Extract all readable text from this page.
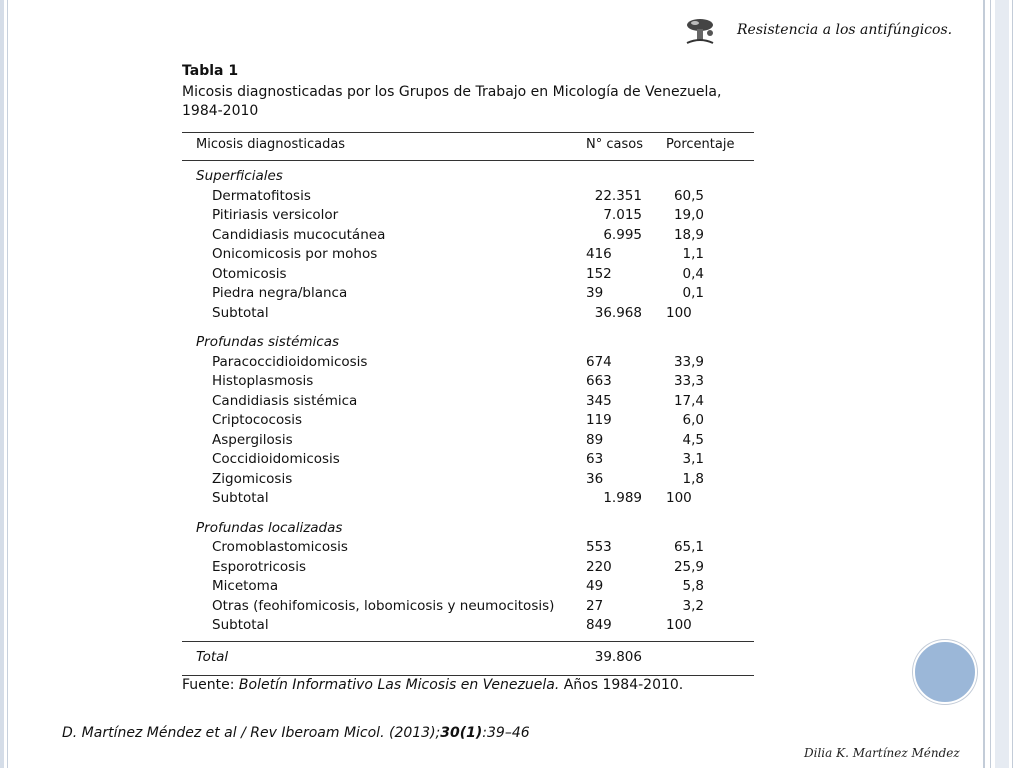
Resistencia a los antifúngicos.
Tabla 1
Micosis diagnosticadas por los Grupos de Trabajo en Micología de Venezuela, 1984-2010
Micosis diagnosticadas	N° casos Porcentaje
Superficiales
Dermatofitosis	22.351	60,5
Pitiriasis versicolor	7.015	19,0
Candidiasis mucocutánea	6.995	18,9
Onicomicosis por mohos	416	1,1
Otomicosis	152	0,4
Piedra negra/blanca	39	0,1
Subtotal	36.968 100
Profundas sistémicas
Paracoccidioidomicosis	674	33,9
Histoplasmosis	663	33,3
Candidiasis sistémica	345	17,4
Criptococosis	119	6,0
Aspergilosis	89	4,5
Coccidioidomicosis	63	3,1
Zigomicosis	36	1,8
Subtotal	1.989 100
Profundas localizadas
Cromoblastomicosis	553	65,1
Esporotricosis	220	25,9
Micetoma	49	5,8
Otras (feohifomicosis, lobomicosis y neumocitosis) 27	3,2
Subtotal	849	100
Total	39.806
Fuente: Boletín Informativo Las Micosis en Venezuela. Años 1984-2010.
D. Martínez Méndez et al / Rev Iberoam Micol. (2013);30(1):39–46
Dilia K. Martínez Méndez
